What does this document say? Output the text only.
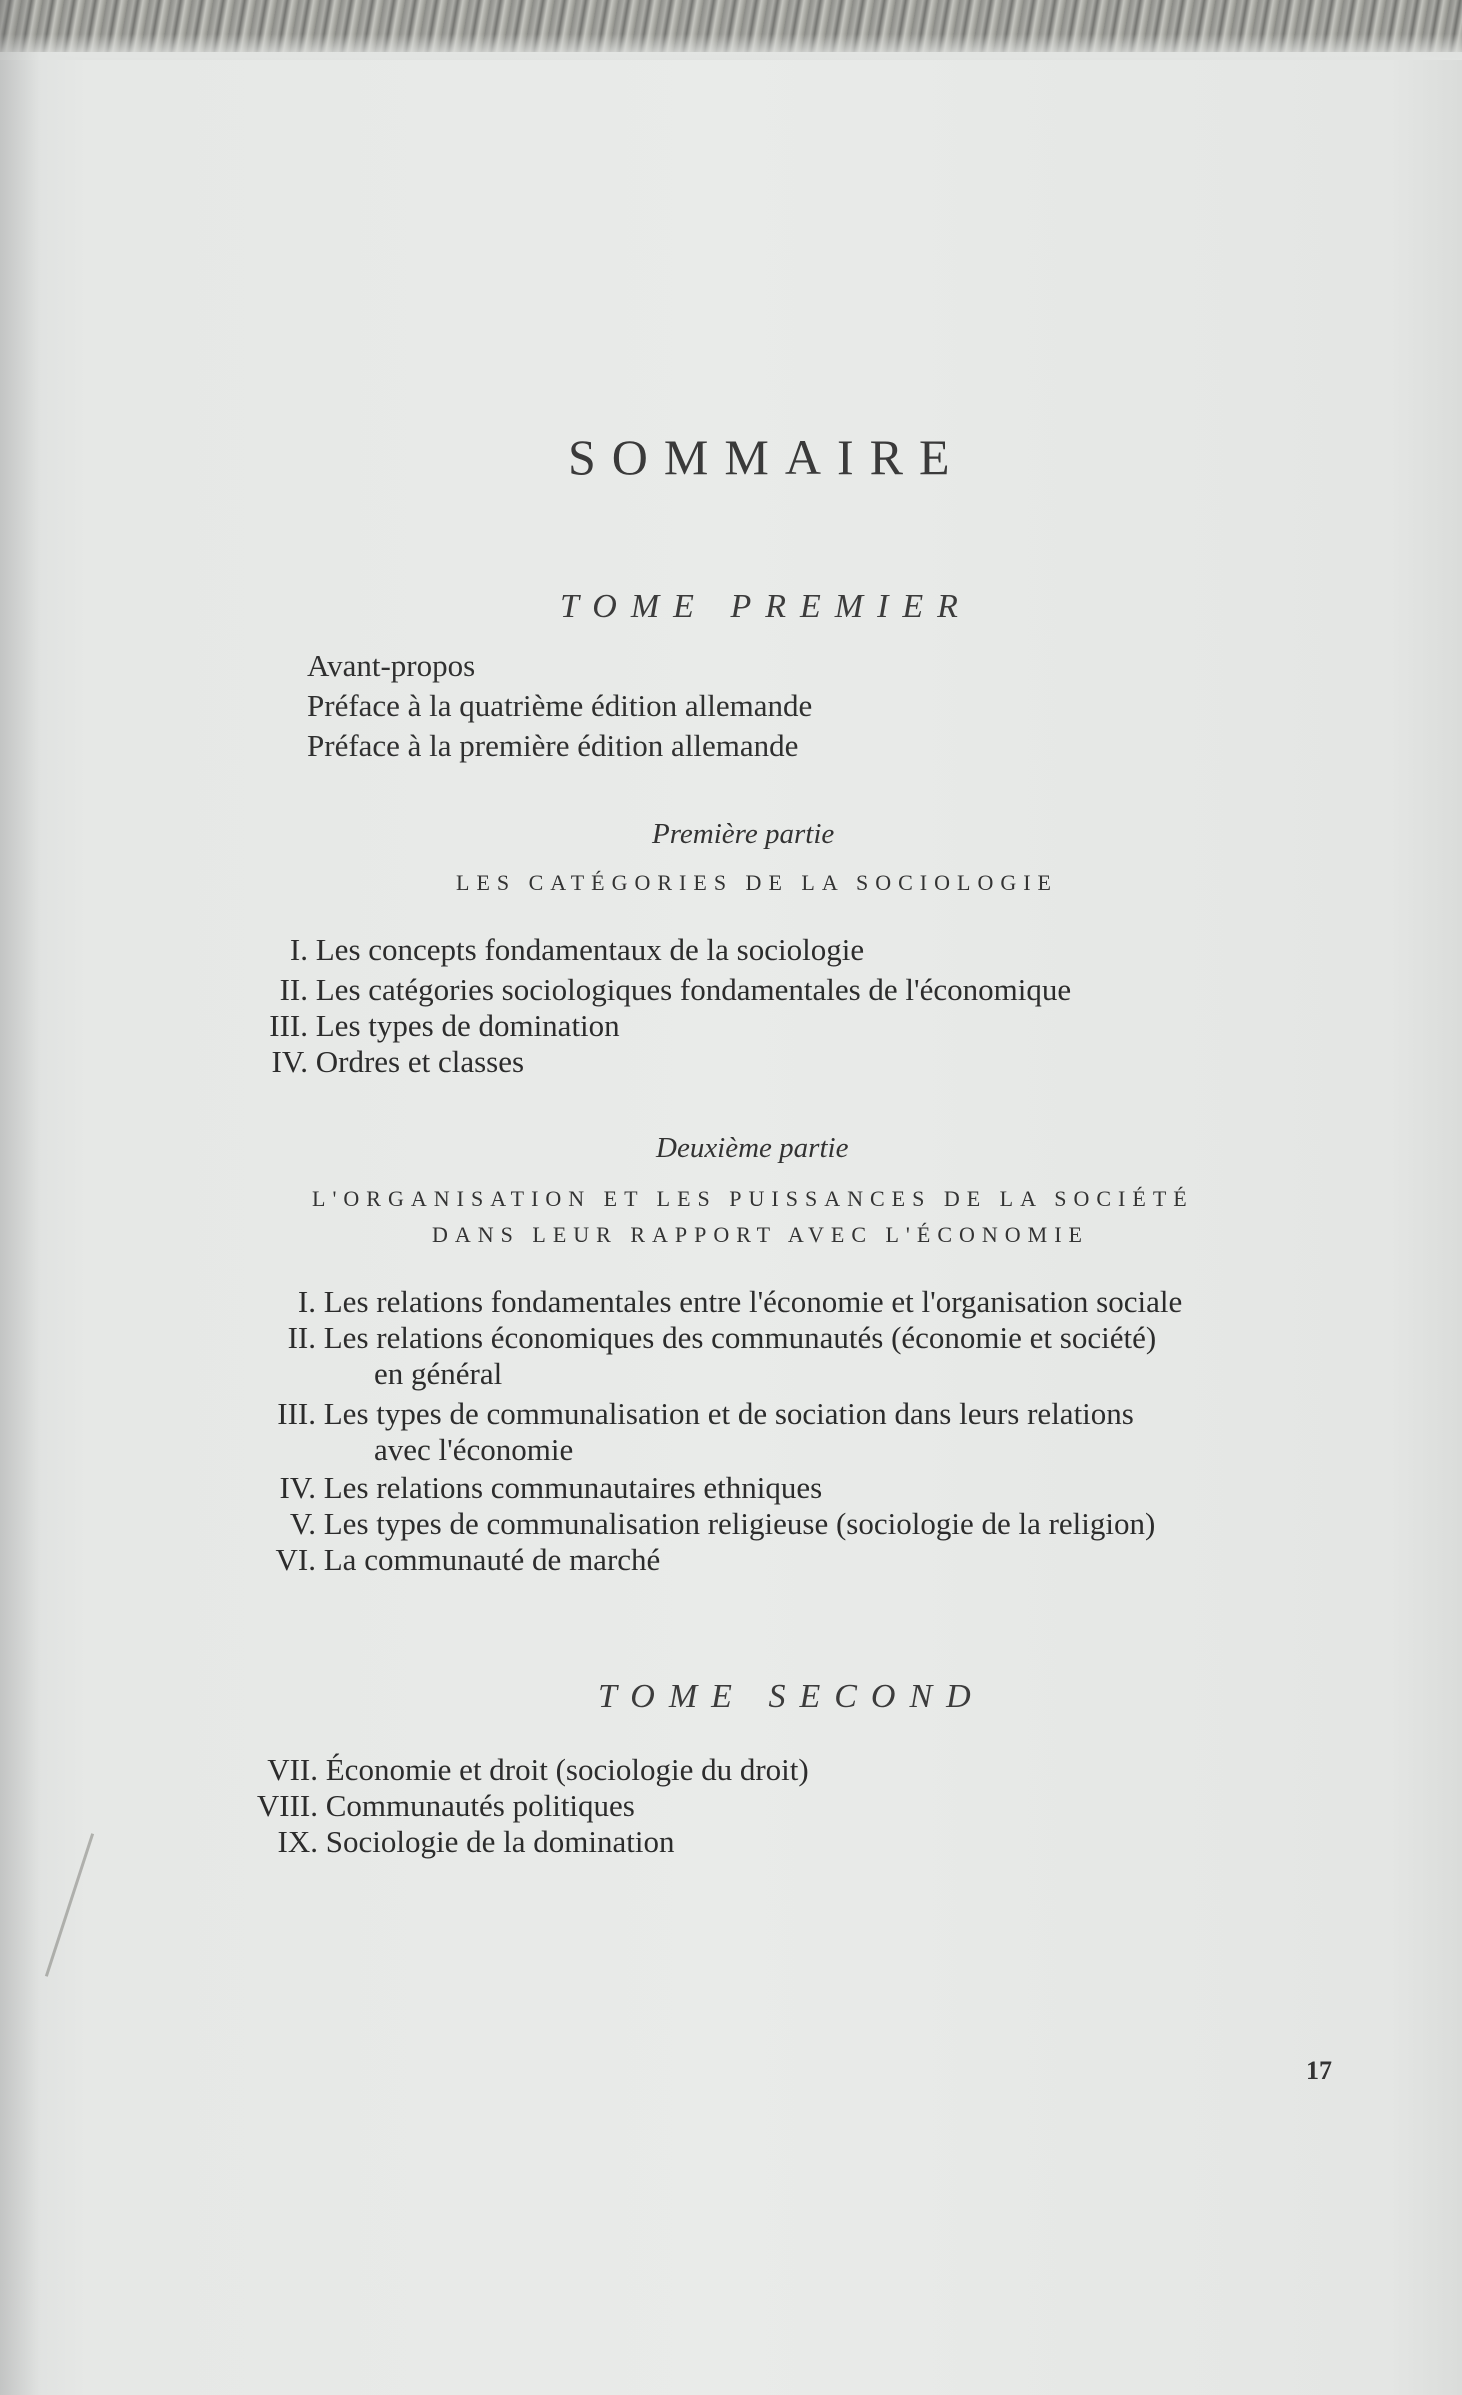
SOMMAIRE
TOME PREMIER
Avant-propos
Préface à la quatrième édition allemande
Préface à la première édition allemande
Première partie
LES CATÉGORIES DE LA SOCIOLOGIE
I. Les concepts fondamentaux de la sociologie
II. Les catégories sociologiques fondamentales de l'économique
III. Les types de domination
IV. Ordres et classes
Deuxième partie
L'ORGANISATION ET LES PUISSANCES DE LA SOCIÉTÉ
DANS LEUR RAPPORT AVEC L'ÉCONOMIE
I. Les relations fondamentales entre l'économie et l'organisation sociale
II. Les relations économiques des communautés (économie et société)
en général
III. Les types de communalisation et de sociation dans leurs relations
avec l'économie
IV. Les relations communautaires ethniques
V. Les types de communalisation religieuse (sociologie de la religion)
VI. La communauté de marché
TOME SECOND
VII. Économie et droit (sociologie du droit)
VIII. Communautés politiques
IX. Sociologie de la domination
17
